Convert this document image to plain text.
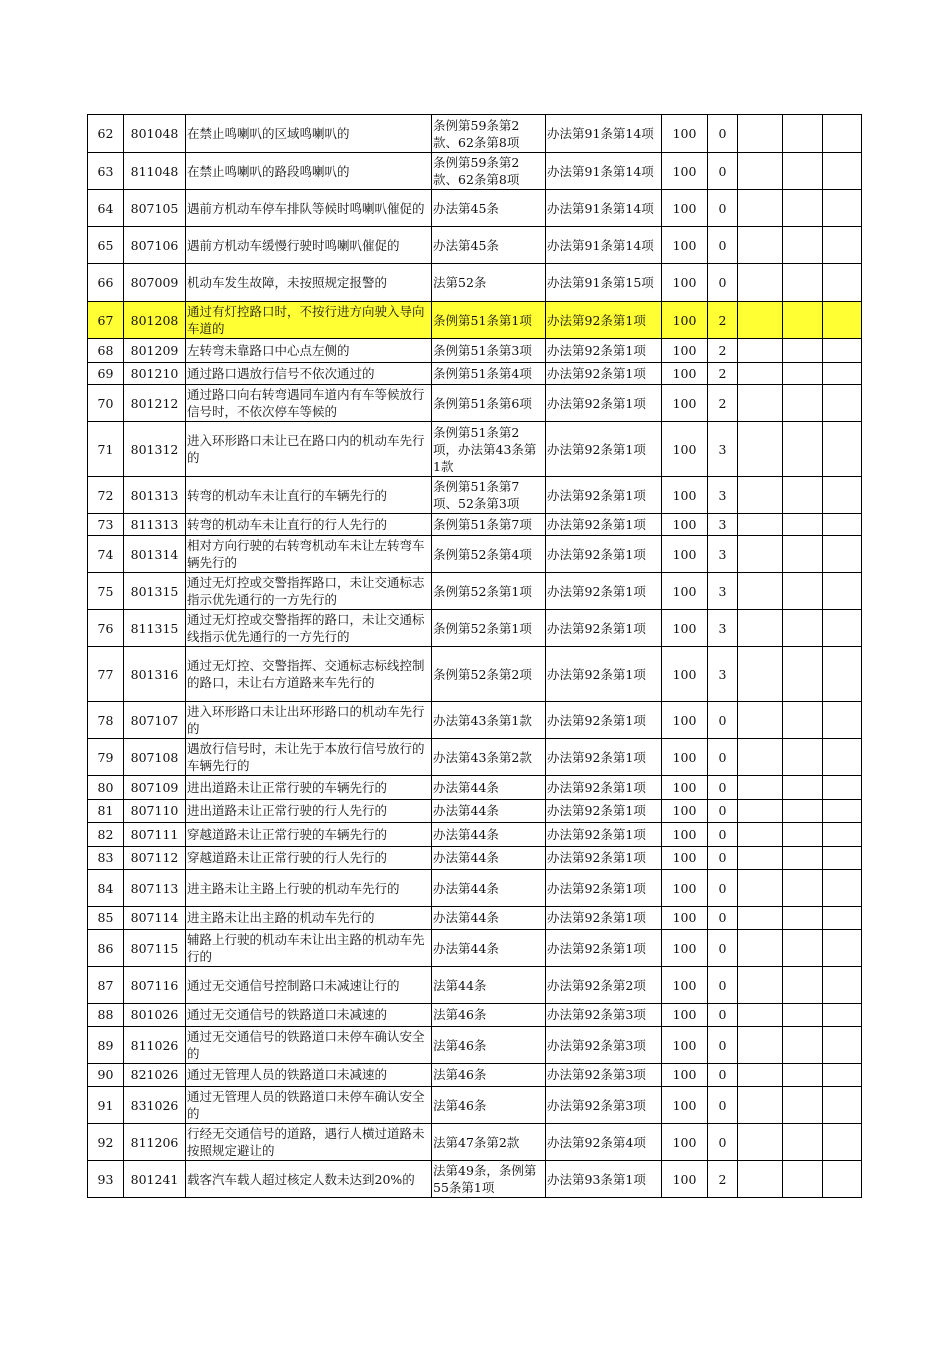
62	801048	在禁止鸣喇叭的区域鸣喇叭的	条例第59条第2款、62条第8项	办法第91条第14项	100	0			
63	811048	在禁止鸣喇叭的路段鸣喇叭的	条例第59条第2款、62条第8项	办法第91条第14项	100	0			
64	807105	遇前方机动车停车排队等候时鸣喇叭催促的	办法第45条	办法第91条第14项	100	0			
65	807106	遇前方机动车缓慢行驶时鸣喇叭催促的	办法第45条	办法第91条第14项	100	0			
66	807009	机动车发生故障，未按照规定报警的	法第52条	办法第91条第15项	100	0			
67	801208	通过有灯控路口时，不按行进方向驶入导向车道的	条例第51条第1项	办法第92条第1项	100	2			
68	801209	左转弯未靠路口中心点左侧的	条例第51条第3项	办法第92条第1项	100	2			
69	801210	通过路口遇放行信号不依次通过的	条例第51条第4项	办法第92条第1项	100	2			
70	801212	通过路口向右转弯遇同车道内有车等候放行信号时，不依次停车等候的	条例第51条第6项	办法第92条第1项	100	2			
71	801312	进入环形路口未让已在路口内的机动车先行的	条例第51条第2项，办法第43条第1款	办法第92条第1项	100	3			
72	801313	转弯的机动车未让直行的车辆先行的	条例第51条第7项、52条第3项	办法第92条第1项	100	3			
73	811313	转弯的机动车未让直行的行人先行的	条例第51条第7项	办法第92条第1项	100	3			
74	801314	相对方向行驶的右转弯机动车未让左转弯车辆先行的	条例第52条第4项	办法第92条第1项	100	3			
75	801315	通过无灯控或交警指挥路口，未让交通标志指示优先通行的一方先行的	条例第52条第1项	办法第92条第1项	100	3			
76	811315	通过无灯控或交警指挥的路口，未让交通标线指示优先通行的一方先行的	条例第52条第1项	办法第92条第1项	100	3			
77	801316	通过无灯控、交警指挥、交通标志标线控制的路口，未让右方道路来车先行的	条例第52条第2项	办法第92条第1项	100	3			
78	807107	进入环形路口未让出环形路口的机动车先行的	办法第43条第1款	办法第92条第1项	100	0			
79	807108	遇放行信号时，未让先于本放行信号放行的车辆先行的	办法第43条第2款	办法第92条第1项	100	0			
80	807109	进出道路未让正常行驶的车辆先行的	办法第44条	办法第92条第1项	100	0			
81	807110	进出道路未让正常行驶的行人先行的	办法第44条	办法第92条第1项	100	0			
82	807111	穿越道路未让正常行驶的车辆先行的	办法第44条	办法第92条第1项	100	0			
83	807112	穿越道路未让正常行驶的行人先行的	办法第44条	办法第92条第1项	100	0			
84	807113	进主路未让主路上行驶的机动车先行的	办法第44条	办法第92条第1项	100	0			
85	807114	进主路未让出主路的机动车先行的	办法第44条	办法第92条第1项	100	0			
86	807115	辅路上行驶的机动车未让出主路的机动车先行的	办法第44条	办法第92条第1项	100	0			
87	807116	通过无交通信号控制路口未减速让行的	法第44条	办法第92条第2项	100	0			
88	801026	通过无交通信号的铁路道口未减速的	法第46条	办法第92条第3项	100	0			
89	811026	通过无交通信号的铁路道口未停车确认安全的	法第46条	办法第92条第3项	100	0			
90	821026	通过无管理人员的铁路道口未减速的	法第46条	办法第92条第3项	100	0			
91	831026	通过无管理人员的铁路道口未停车确认安全的	法第46条	办法第92条第3项	100	0			
92	811206	行经无交通信号的道路，遇行人横过道路未按照规定避让的	法第47条第2款	办法第92条第4项	100	0			
93	801241	载客汽车载人超过核定人数未达到20%的	法第49条，条例第55条第1项	办法第93条第1项	100	2			
